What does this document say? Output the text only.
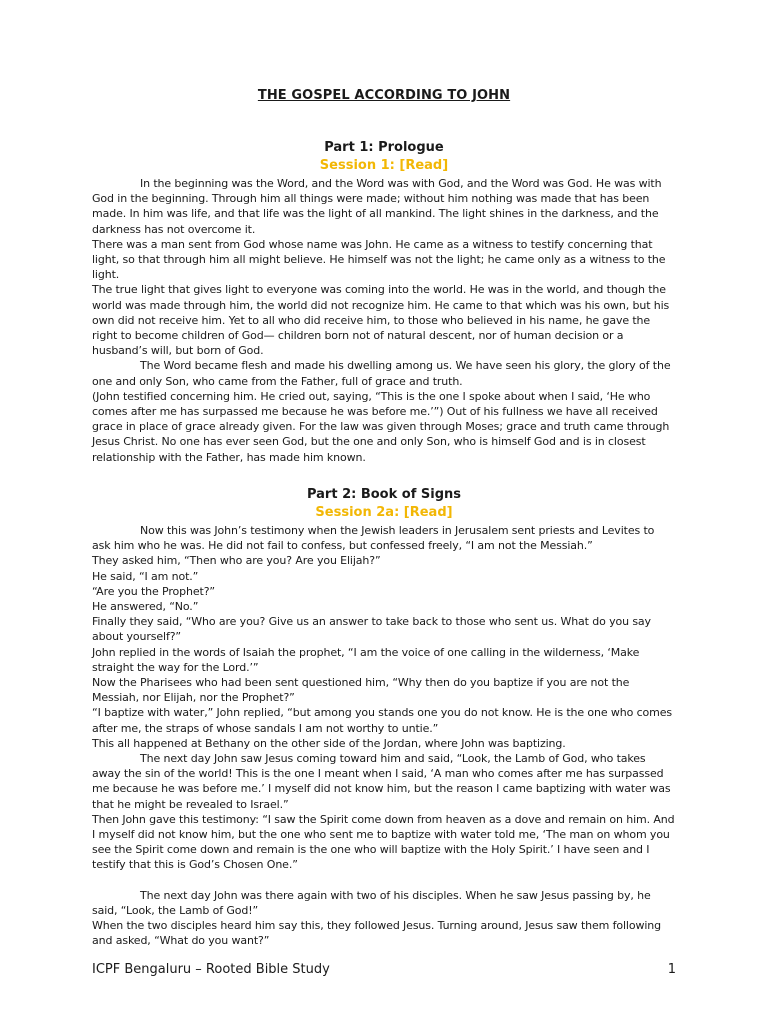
THE GOSPEL ACCORDING TO JOHN
Part 1: Prologue
Session 1: [Read]

In the beginning was the Word, and the Word was with God, and the Word was God. He was with God in the beginning. Through him all things were made; without him nothing was made that has been made. In him was life, and that life was the light of all mankind. The light shines in the darkness, and the darkness has not overcome it.

There was a man sent from God whose name was John. He came as a witness to testify concerning that light, so that through him all might believe. He himself was not the light; he came only as a witness to the light.

The true light that gives light to everyone was coming into the world. He was in the world, and though the world was made through him, the world did not recognize him. He came to that which was his own, but his own did not receive him. Yet to all who did receive him, to those who believed in his name, he gave the right to become children of God— children born not of natural descent, nor of human decision or a husband’s will, but born of God.

The Word became flesh and made his dwelling among us. We have seen his glory, the glory of the one and only Son, who came from the Father, full of grace and truth.

(John testified concerning him. He cried out, saying, “This is the one I spoke about when I said, ‘He who comes after me has surpassed me because he was before me.’”) Out of his fullness we have all received grace in place of grace already given. For the law was given through Moses; grace and truth came through Jesus Christ. No one has ever seen God, but the one and only Son, who is himself God and is in closest relationship with the Father, has made him known.

Part 2: Book of Signs
Session 2a: [Read]

Now this was John’s testimony when the Jewish leaders in Jerusalem sent priests and Levites to ask him who he was. He did not fail to confess, but confessed freely, “I am not the Messiah.”

They asked him, “Then who are you? Are you Elijah?”

He said, “I am not.”

“Are you the Prophet?”

He answered, “No.”

Finally they said, “Who are you? Give us an answer to take back to those who sent us. What do you say about yourself?”

John replied in the words of Isaiah the prophet, “I am the voice of one calling in the wilderness, ‘Make straight the way for the Lord.’”

Now the Pharisees who had been sent questioned him, “Why then do you baptize if you are not the Messiah, nor Elijah, nor the Prophet?”

“I baptize with water,” John replied, “but among you stands one you do not know. He is the one who comes after me, the straps of whose sandals I am not worthy to untie.”

This all happened at Bethany on the other side of the Jordan, where John was baptizing.

The next day John saw Jesus coming toward him and said, “Look, the Lamb of God, who takes away the sin of the world! This is the one I meant when I said, ‘A man who comes after me has surpassed me because he was before me.’ I myself did not know him, but the reason I came baptizing with water was that he might be revealed to Israel.”

Then John gave this testimony: “I saw the Spirit come down from heaven as a dove and remain on him. And I myself did not know him, but the one who sent me to baptize with water told me, ‘The man on whom you see the Spirit come down and remain is the one who will baptize with the Holy Spirit.’ I have seen and I testify that this is God’s Chosen One.”

The next day John was there again with two of his disciples. When he saw Jesus passing by, he said, “Look, the Lamb of God!”

When the two disciples heard him say this, they followed Jesus. Turning around, Jesus saw them following and asked, “What do you want?”

ICPF Bengaluru – Rooted Bible Study	1
